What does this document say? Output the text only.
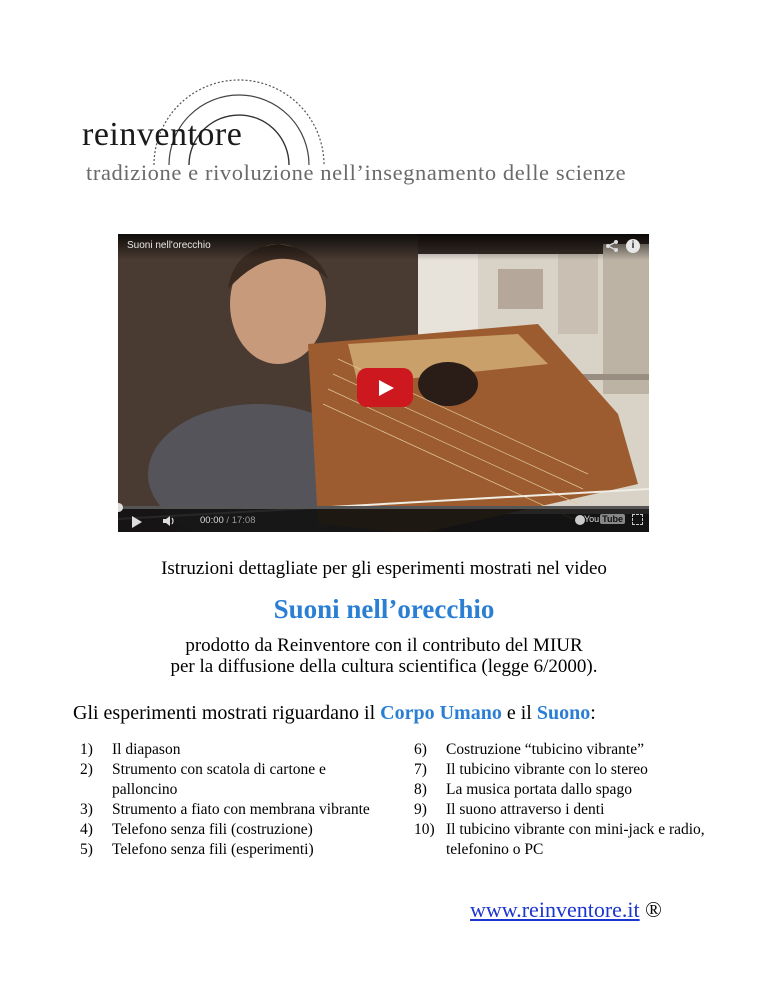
reinventore
tradizione e rivoluzione nell’insegnamento delle scienze
Suoni nell'orecchio	i
00:00 / 17:08	You Tube
Istruzioni dettagliate per gli esperimenti mostrati nel video
Suoni nell’orecchio
prodotto da Reinventore con il contributo del MIUR
per la diffusione della cultura scientifica (legge 6/2000).
Gli esperimenti mostrati riguardano il Corpo Umano e il Suono:
1) Il diapason
2) Strumento con scatola di cartone e palloncino
3) Strumento a fiato con membrana vibrante
4) Telefono senza fili (costruzione)
5) Telefono senza fili (esperimenti)
6) Costruzione “tubicino vibrante”
7) Il tubicino vibrante con lo stereo
8) La musica portata dallo spago
9) Il suono attraverso i denti
10) Il tubicino vibrante con mini-jack e radio, telefonino o PC
www.reinventore.it ®
